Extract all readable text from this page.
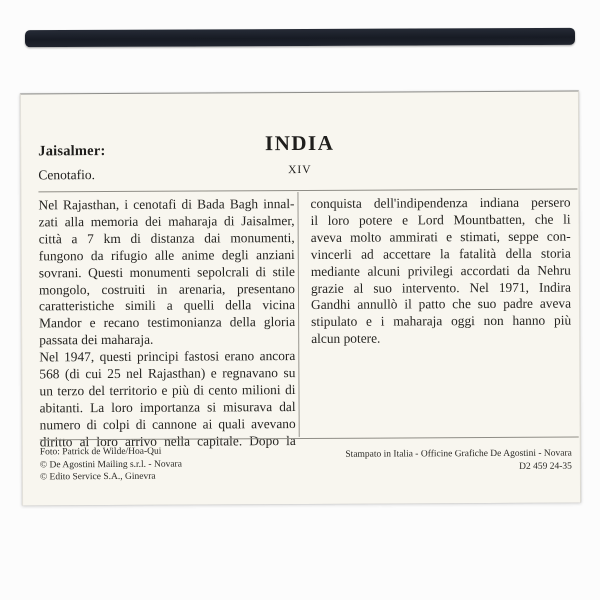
Jaisalmer:
Cenotafio.
INDIA
XIV
Nel Rajasthan, i cenotafi di Bada Bagh innal-
zati alla memoria dei maharaja di Jaisalmer,
città a 7 km di distanza dai monumenti,
fungono da rifugio alle anime degli anziani
sovrani. Questi monumenti sepolcrali di stile
mongolo, costruiti in arenaria, presentano
caratteristiche simili a quelli della vicina
Mandor e recano testimonianza della gloria
passata dei maharaja.
Nel 1947, questi principi fastosi erano ancora
568 (di cui 25 nel Rajasthan) e regnavano su
un terzo del territorio e più di cento milioni di
abitanti. La loro importanza si misurava dal
numero di colpi di cannone ai quali avevano
diritto al loro arrivo nella capitale. Dopo la
conquista dell'indipendenza indiana persero
il loro potere e Lord Mountbatten, che li
aveva molto ammirati e stimati, seppe con-
vincerli ad accettare la fatalità della storia
mediante alcuni privilegi accordati da Nehru
grazie al suo intervento. Nel 1971, Indira
Gandhi annullò il patto che suo padre aveva
stipulato e i maharaja oggi non hanno più
alcun potere.
Foto: Patrick de Wilde/Hoa-Qui
© De Agostini Mailing s.r.l. - Novara
© Edito Service S.A., Ginevra
Stampato in Italia - Officine Grafiche De Agostini - Novara
D2 459 24-35
